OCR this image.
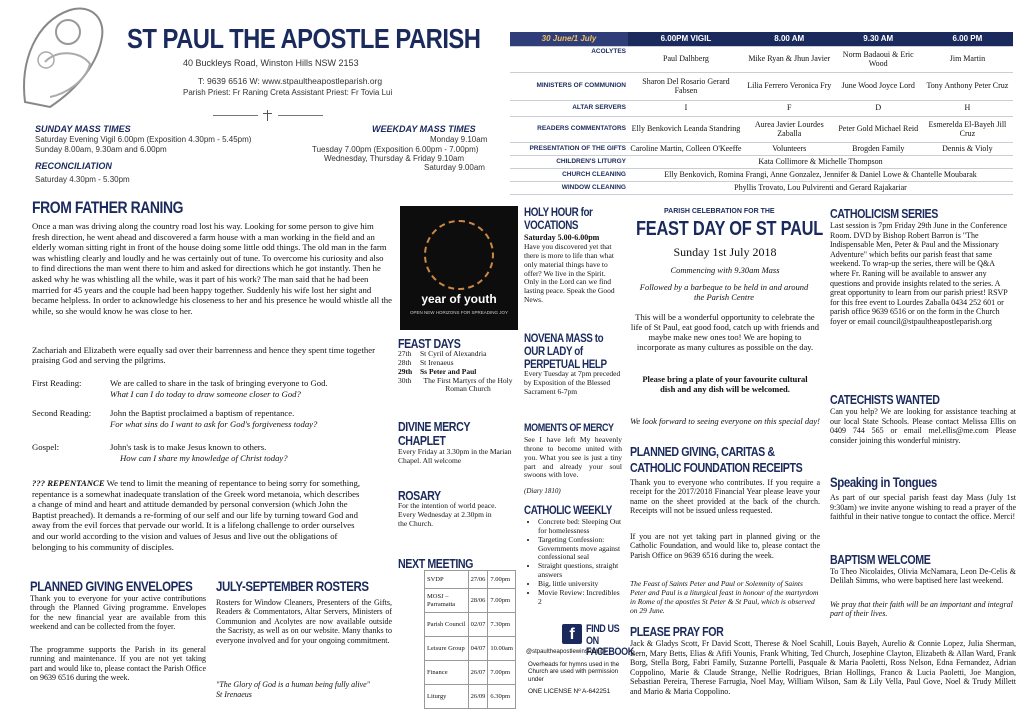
ST PAUL THE APOSTLE PARISH
40 Buckleys Road, Winston Hills NSW 2153
T: 9639 6516 W: www.stpaultheapostleparish.org
Parish Priest: Fr Raning Creta Assistant Priest: Fr Tovia Lui
SUNDAY MASS TIMES
Saturday Evening Vigil 6.00pm (Exposition 4.30pm - 5.45pm)
Sunday 8.00am, 9.30am and 6.00pm
WEEKDAY MASS TIMES
Monday 9.10am
Tuesday 7.00pm (Exposition 6.00pm - 7.00pm)
Wednesday, Thursday & Friday 9.10am
RECONCILIATION	Saturday 9.00am
Saturday 4.30pm - 5.30pm
30 June/1 July	6.00PM VIGIL	8.00 AM	9.30 AM	6.00 PM
ACOLYTES	Paul Dalhberg	Mike Ryan & Jhun Javier	Norm Badaoui & Eric Wood	Jim Martin
MINISTERS OF COMMUNION	Sharon Del Rosario Gerard Fabsen	Lilia Ferrero Veronica Fry	June Wood Joyce Lord	Tony Anthony Peter Cruz
ALTAR SERVERS	I	F	D	H
READERS COMMENTATORS	Elly Benkovich Leanda Standring	Aurea Javier Lourdes Zaballa	Peter Gold Michael Reid	Esmerelda El-Bayeh Jill Cruz
PRESENTATION OF THE GIFTS	Caroline Martin, Colleen O'Keeffe	Volunteers	Brogden Family	Dennis & Violy
CHILDREN'S LITURGY	Kata Collimore & Michelle Thompson			
CHURCH CLEANING	Elly Benkovich, Romina Frangi, Anne Gonzalez, Jennifer & Daniel Lowe & Chantelle Moubarak			
WINDOW CLEANING	Phyllis Trovato, Lou Pulvirenti and Gerard Rajakariar			
FROM FATHER RANING
Once a man was driving along the country road lost his way. Looking for some person to give him fresh direction, he went ahead and discovered a farm house with a man working in the field and an elderly woman sitting right in front of the house doing some little odd things. The old man in the farm was whistling clearly and loudly and he was certainly out of tune. To overcome his curiosity and also to find directions the man went there to him and asked for directions which he got instantly. Then he asked why he was whistling all the while, was it part of his work? The man said that he had been married for 45 years and the couple had been happy together. Suddenly his wife lost her sight and became helpless. In order to acknowledge his closeness to her and his presence he would whistle all the while, so she would know he was close to her.
Zachariah and Elizabeth were equally sad over their barrenness and hence they spent time together praising God and serving the pilgrims.
First Reading:	We are called to share in the task of bringing everyone to God.
What I can I do today to draw someone closer to God?
Second Reading: John the Baptist proclaimed a baptism of repentance.
For what sins do I want to ask for God's forgiveness today?
Gospel:	John's task is to make Jesus known to others.
How can I share my knowledge of Christ today?
??? REPENTANCE We tend to limit the meaning of repentance to being sorry for something, repentance is a somewhat inadequate translation of the Greek word metanoia, which describes a change of mind and heart and attitude demanded by personal conversion (which John the Baptist preached). It demands a re-forming of our self and our life by turning toward God and away from the evil forces that pervade our world. It is a lifelong challenge to order ourselves and our world according to the vision and values of Jesus and live out the obligations of belonging to his community of disciples.
PLANNED GIVING ENVELOPES
Thank you to everyone for your active contributions through the Planned Giving programme. Envelopes for the new financial year are available from this weekend and can be collected from the foyer.
The programme supports the Parish in its general running and maintenance. If you are not yet taking part and would like to, please contact the Parish Office on 9639 6516 during the week.
JULY-SEPTEMBER ROSTERS
Rosters for Window Cleaners, Presenters of the Gifts, Readers & Commentators, Altar Servers, Ministers of Communion and Acolytes are now available outside the Sacristy, as well as on our website. Many thanks to everyone involved and for your ongoing commitment.
"The Glory of God is a human being fully alive"
St Irenaeus
year of youth
OPEN NEW HORIZONS FOR SPREADING JOY
FEAST DAYS
27th	St Cyril of Alexandria
28th	St Irenaeus
29th	Ss Peter and Paul
30th	The First Martyrs of the Holy Roman Church
DIVINE MERCY CHAPLET
Every Friday at 3.30pm in the Marian Chapel. All welcome
ROSARY
For the intention of world peace. Every Wednesday at 2.30pm in the Church.
NEXT MEETING
SVDP	27/06	7.00pm
MOSJ – Parramatta	28/06	7.00pm
Parish Council	02/07	7.30pm
Leisure Group	04/07	10.00am
Finance	26/07	7.00pm
Liturgy	26/09	6.30pm
HOLY HOUR for VOCATIONS
Saturday 5.00-6.00pm
Have you discovered yet that there is more to life than what only material things have to offer? We live in the Spirit. Only in the Lord can we find lasting peace. Speak the Good News.
NOVENA MASS to OUR LADY of PERPETUAL HELP
Every Tuesday at 7pm preceded by Exposition of the Blessed Sacrament 6-7pm
MOMENTS OF MERCY
See I have left My heavenly throne to become united with you. What you see is just a tiny part and already your soul swoons with love.
(Diary 1810)
CATHOLIC WEEKLY
• Concrete bed: Sleeping Out for homelessness
• Targeting Confession: Governments move against confessional seal
• Straight questions, straight answers
• Big, little university
• Movie Review: Incredibles 2
f	FIND US ON FACEBOOK
@stpaultheapostlewinstonhills
Overheads for hymns used in the Church are used with permission under
ONE LICENSE Nº A-642251
PARISH CELEBRATION FOR THE
FEAST DAY OF ST PAUL
Sunday 1st July 2018
Commencing with 9.30am Mass
Followed by a barbeque to be held in and around the Parish Centre
This will be a wonderful opportunity to celebrate the life of St Paul, eat good food, catch up with friends and maybe make new ones too! We are hoping to incorporate as many cultures as possible on the day.
Please bring a plate of your favourite cultural dish and any dish will be welcomed.
We look forward to seeing everyone on this special day!
PLANNED GIVING, CARITAS & CATHOLIC FOUNDATION RECEIPTS
Thank you to everyone who contributes. If you require a receipt for the 2017/2018 Financial Year please leave your name on the sheet provided at the back of the church. Receipts will not be issued unless requested.
If you are not yet taking part in planned giving or the Catholic Foundation, and would like to, please contact the Parish Office on 9639 6516 during the week.
The Feast of Saints Peter and Paul or Solemnity of Saints Peter and Paul is a liturgical feast in honour of the martyrdom in Rome of the apostles St Peter & St Paul, which is observed on 29 June.
PLEASE PRAY FOR
Jack & Gladys Scott, Fr David Scott, Therese & Noel Scahill, Louis Bayeh, Aurelio & Connie Lopez, Julia Sherman, Bern, Mary Betts, Elias & Afifi Younis, Frank Whiting, Ted Church, Josephine Clayton, Elizabeth & Allan Ward, Frank Borg, Stella Borg, Fabri Family, Suzanne Portelli, Pasquale & Maria Paoletti, Ross Nelson, Edna Fernandez, Adrian Coppolino, Marie & Claude Strange, Nellie Rodrigues, Brian Hollings, Franco & Lucia Paoletti, Joe Mangion, Sebastian Pereira, Therese Farrugia, Noel May, William Wilson, Sam & Lily Vella, Paul Gove, Noel & Trudy Millett and Mario & Maria Coppolino.
CATHOLICISM SERIES
Last session is 7pm Friday 29th June in the Conference Room. DVD by Bishop Robert Barron is "The Indispensable Men, Peter & Paul and the Missionary Adventure" which befits our parish feast that same weekend. To wrap-up the series, there will be Q&A where Fr. Raning will be available to answer any questions and provide insights related to the series. A great opportunity to learn from our parish priest! RSVP for this free event to Lourdes Zaballa 0434 252 601 or parish office 9639 6516 or on the form in the Church foyer or email council@stpaultheapostleparish.org
CATECHISTS WANTED
Can you help? We are looking for assistance teaching at our local State Schools. Please contact Melissa Ellis on 0409 744 565 or email mel.ellis@me.com Please consider joining this wonderful ministry.
Speaking in Tongues
As part of our special parish feast day Mass (July 1st 9:30am) we invite anyone wishing to read a prayer of the faithful in their native tongue to contact the office. Merci!
BAPTISM WELCOME
To Theo Nicolaides, Olivia McNamara, Leon De-Celis & Delilah Simms, who were baptised here last weekend.
We pray that their faith will be an important and integral part of their lives.
